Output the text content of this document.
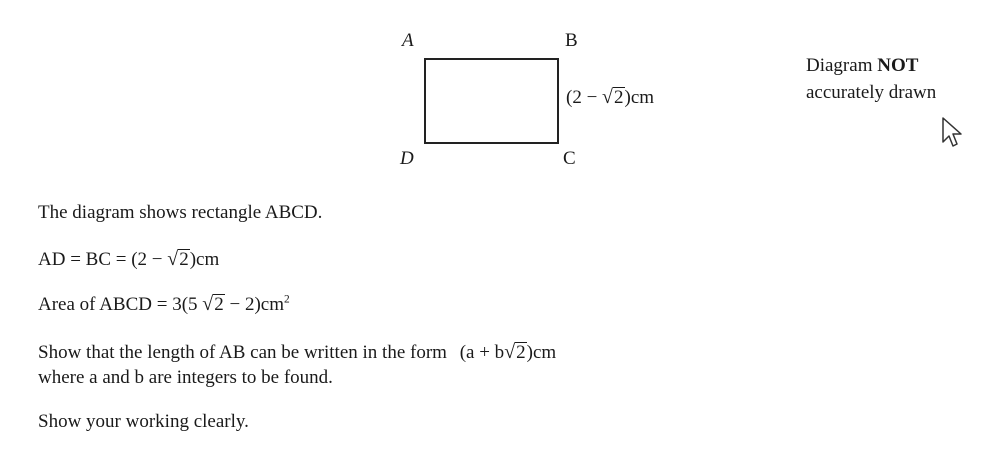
A	B
D	C
(2 − √2)cm
Diagram NOT
accurately drawn
The diagram shows rectangle ABCD.
AD = BC = (2 − √2)cm
Area of ABCD = 3(5 $√2 - 2)cm^2$
Show that the length of AB can be written in the form (a + b√2)cm
where a and b are integers to be found.
Show your working clearly.
